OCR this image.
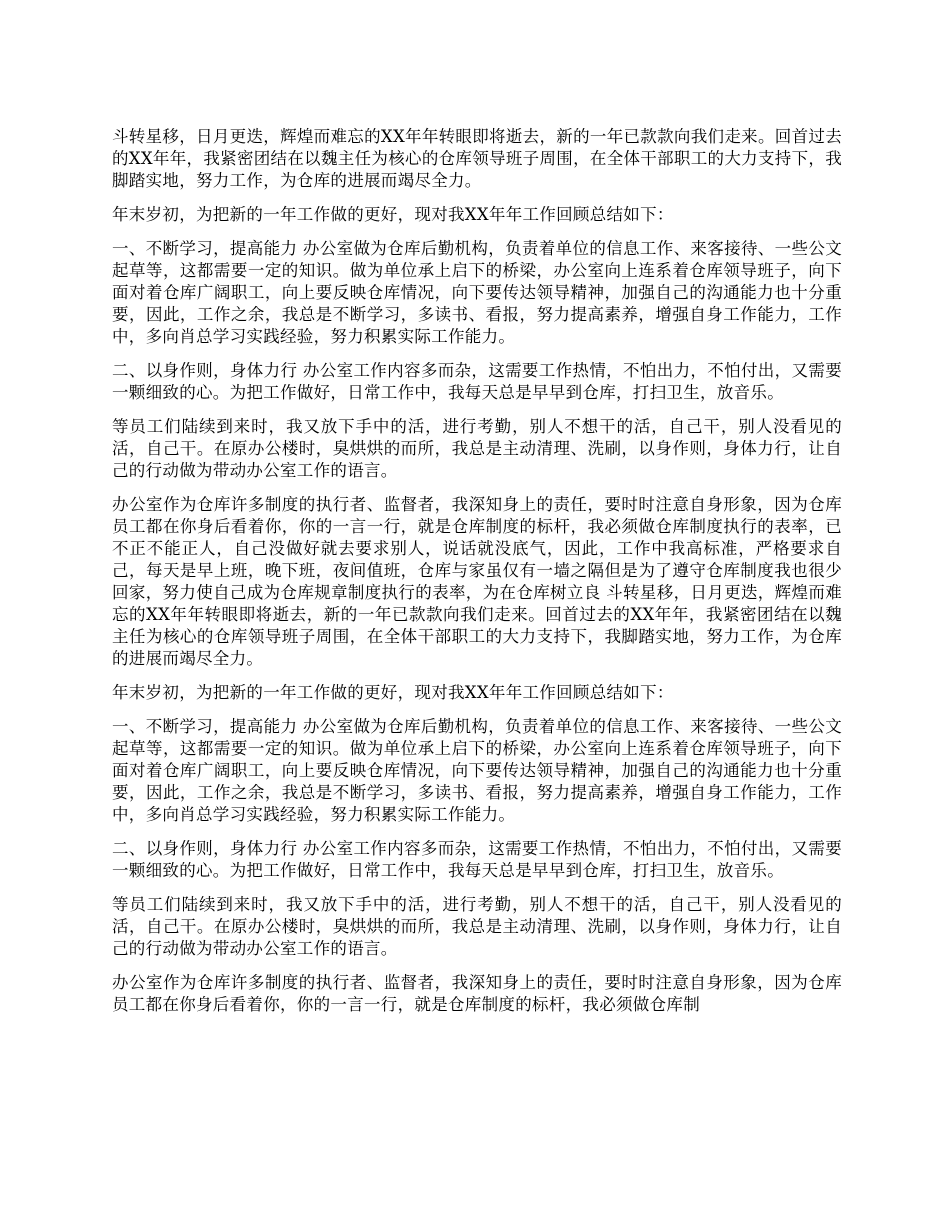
斗转星移，日月更迭，辉煌而难忘的XX年年转眼即将逝去，新的一年已款款向我们走来。回首过去的XX年年，我紧密团结在以魏主任为核心的仓库领导班子周围，在全体干部职工的大力支持下，我脚踏实地，努力工作，为仓库的进展而竭尽全力。

年末岁初，为把新的一年工作做的更好，现对我XX年年工作回顾总结如下：

一、不断学习，提高能力 办公室做为仓库后勤机构，负责着单位的信息工作、来客接待、一些公文起草等，这都需要一定的知识。做为单位承上启下的桥梁，办公室向上连系着仓库领导班子，向下面对着仓库广阔职工，向上要反映仓库情况，向下要传达领导精神，加强自己的沟通能力也十分重要，因此，工作之余，我总是不断学习，多读书、看报，努力提高素养，增强自身工作能力，工作中，多向肖总学习实践经验，努力积累实际工作能力。

二、以身作则，身体力行 办公室工作内容多而杂，这需要工作热情，不怕出力，不怕付出，又需要一颗细致的心。为把工作做好，日常工作中，我每天总是早早到仓库，打扫卫生，放音乐。

等员工们陆续到来时，我又放下手中的活，进行考勤，别人不想干的活，自己干，别人没看见的活，自己干。在原办公楼时，臭烘烘的而所，我总是主动清理、洗刷，以身作则，身体力行，让自己的行动做为带动办公室工作的语言。

办公室作为仓库许多制度的执行者、监督者，我深知身上的责任，要时时注意自身形象，因为仓库员工都在你身后看着你，你的一言一行，就是仓库制度的标杆，我必须做仓库制度执行的表率，已不正不能正人，自己没做好就去要求别人，说话就没底气，因此，工作中我高标准，严格要求自己，每天是早上班，晚下班，夜间值班，仓库与家虽仅有一墙之隔但是为了遵守仓库制度我也很少回家，努力使自己成为仓库规章制度执行的表率，为在仓库树立良 斗转星移，日月更迭，辉煌而难忘的XX年年转眼即将逝去，新的一年已款款向我们走来。回首过去的XX年年，我紧密团结在以魏主任为核心的仓库领导班子周围，在全体干部职工的大力支持下，我脚踏实地，努力工作，为仓库的进展而竭尽全力。

年末岁初，为把新的一年工作做的更好，现对我XX年年工作回顾总结如下：

一、不断学习，提高能力 办公室做为仓库后勤机构，负责着单位的信息工作、来客接待、一些公文起草等，这都需要一定的知识。做为单位承上启下的桥梁，办公室向上连系着仓库领导班子，向下面对着仓库广阔职工，向上要反映仓库情况，向下要传达领导精神，加强自己的沟通能力也十分重要，因此，工作之余，我总是不断学习，多读书、看报，努力提高素养，增强自身工作能力，工作中，多向肖总学习实践经验，努力积累实际工作能力。

二、以身作则，身体力行 办公室工作内容多而杂，这需要工作热情，不怕出力，不怕付出，又需要一颗细致的心。为把工作做好，日常工作中，我每天总是早早到仓库，打扫卫生，放音乐。

等员工们陆续到来时，我又放下手中的活，进行考勤，别人不想干的活，自己干，别人没看见的活，自己干。在原办公楼时，臭烘烘的而所，我总是主动清理、洗刷，以身作则，身体力行，让自己的行动做为带动办公室工作的语言。

办公室作为仓库许多制度的执行者、监督者，我深知身上的责任，要时时注意自身形象，因为仓库员工都在你身后看着你，你的一言一行，就是仓库制度的标杆，我必须做仓库制
